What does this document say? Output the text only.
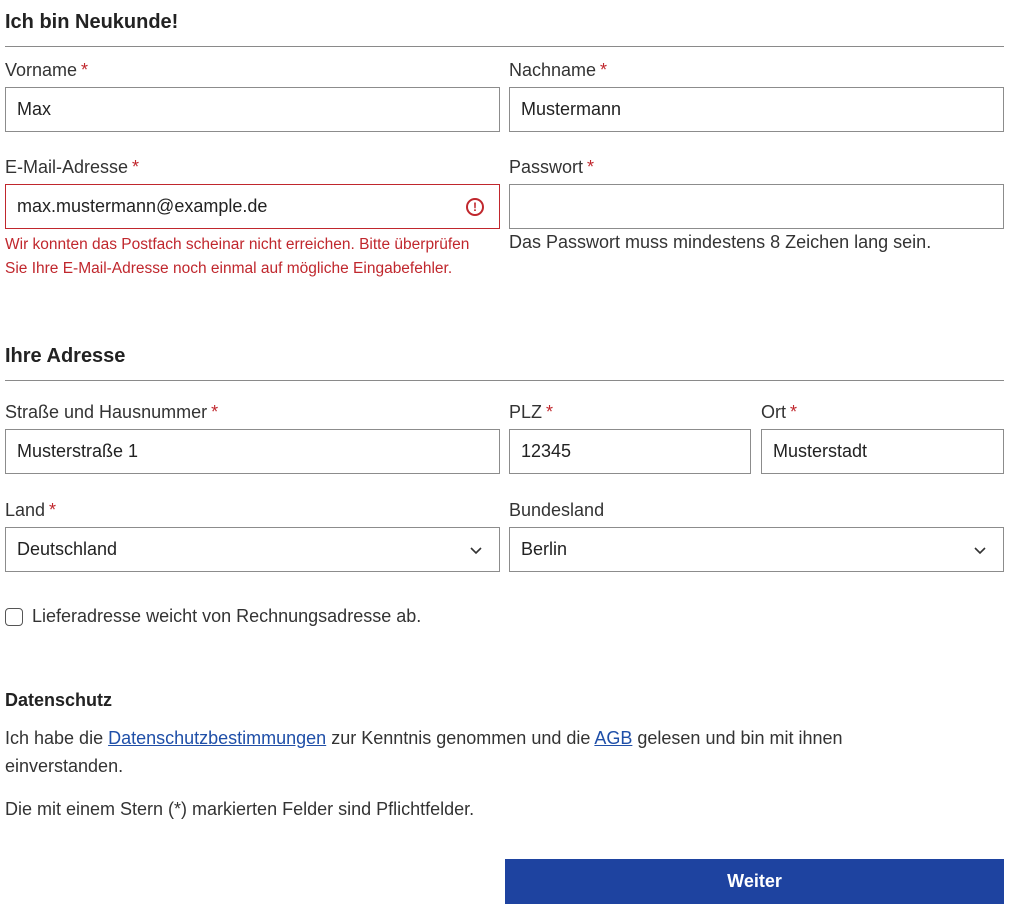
Ich bin Neukunde!
Vorname *
Max
Nachname *
Mustermann
E-Mail-Adresse *
max.mustermann@example.de	!
Wir konnten das Postfach scheinar nicht erreichen. Bitte überprüfen Sie Ihre E-Mail-Adresse noch einmal auf mögliche Eingabefehler.
Passwort *
Das Passwort muss mindestens 8 Zeichen lang sein.
Ihre Adresse
Straße und Hausnummer *
Musterstraße 1
PLZ *
12345
Ort *
Musterstadt
Land *
Deutschland
Bundesland
Berlin
Lieferadresse weicht von Rechnungsadresse ab.
Datenschutz
Ich habe die Datenschutzbestimmungen zur Kenntnis genommen und die AGB gelesen und bin mit ihnen einverstanden.
Die mit einem Stern (*) markierten Felder sind Pflichtfelder.
Weiter
